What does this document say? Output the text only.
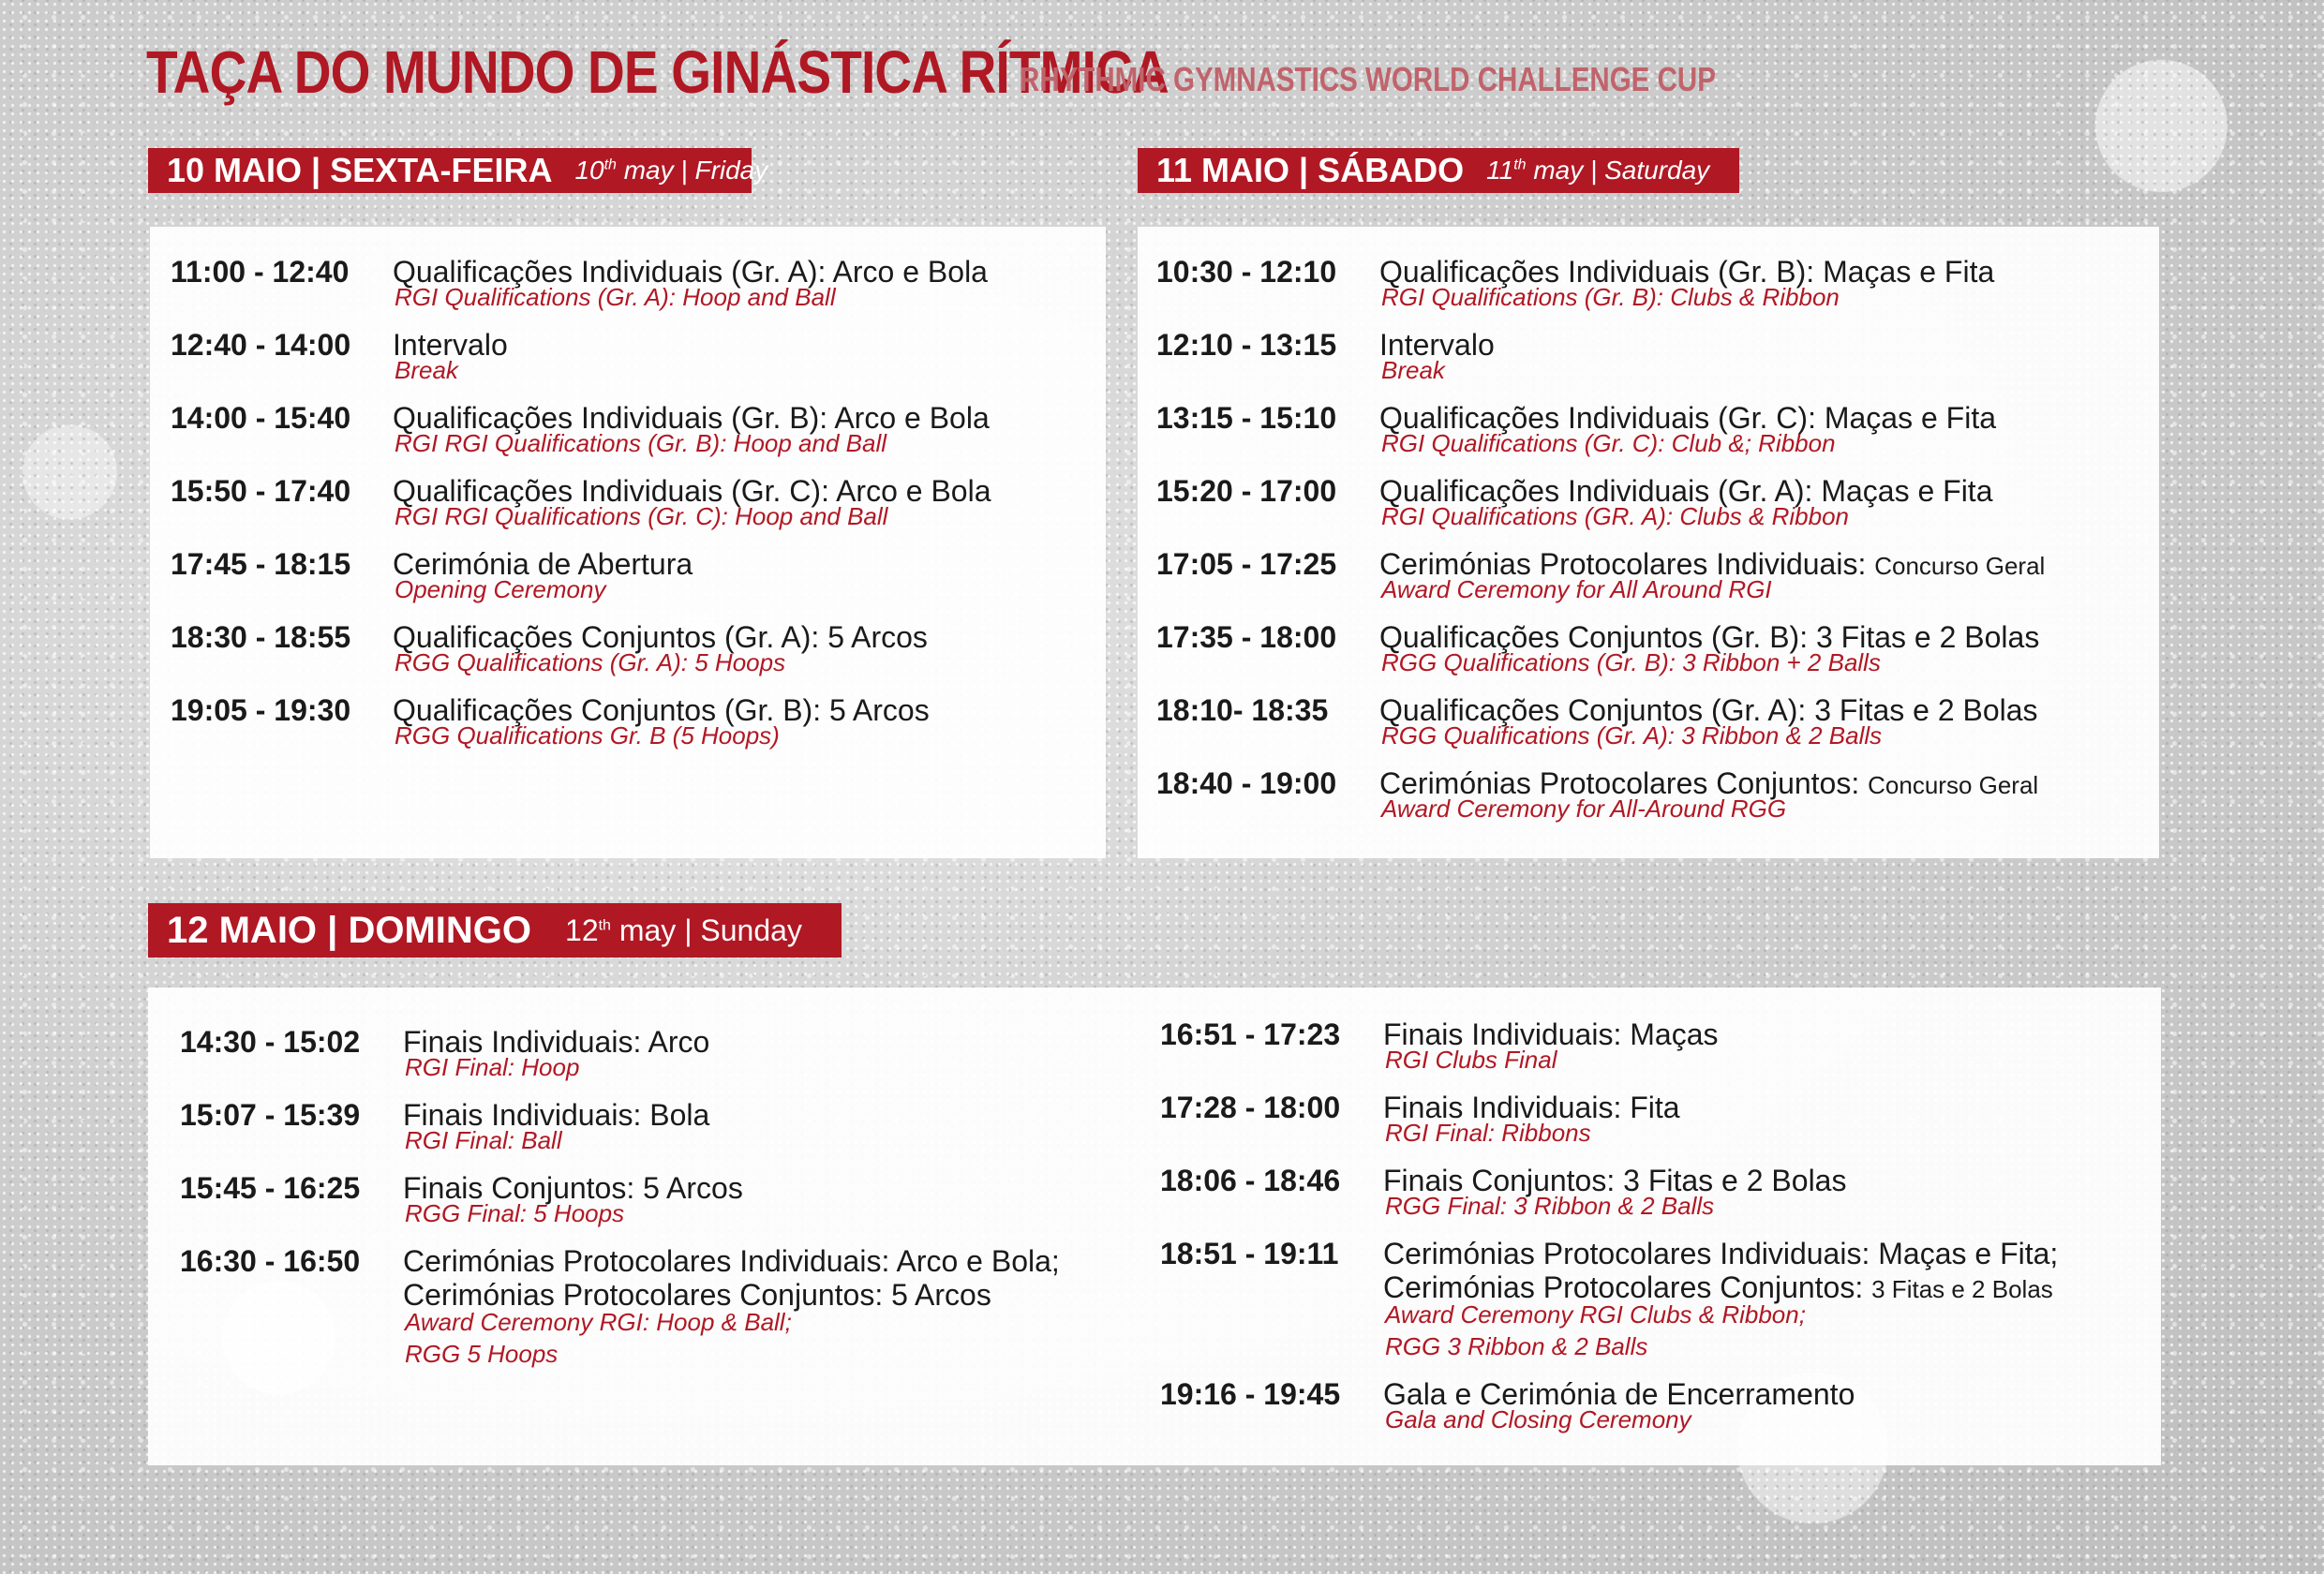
TAÇA DO MUNDO DE GINÁSTICA RÍTMICA
RHYTHMIC GYMNASTICS WORLD CHALLENGE CUP
10 MAIO | SEXTA-FEIRA 10th may | Friday
11:00 - 12:40 Qualificações Individuais (Gr. A): Arco e Bola
RGI Qualifications (Gr. A): Hoop and Ball
12:40 - 14:00 Intervalo
Break
14:00 - 15:40 Qualificações Individuais (Gr. B): Arco e Bola
RGI RGI Qualifications (Gr. B): Hoop and Ball
15:50 - 17:40 Qualificações Individuais (Gr. C): Arco e Bola
RGI RGI Qualifications (Gr. C): Hoop and Ball
17:45 - 18:15 Cerimónia de Abertura
Opening Ceremony
18:30 - 18:55 Qualificações Conjuntos (Gr. A): 5 Arcos
RGG Qualifications (Gr. A): 5 Hoops
19:05 - 19:30 Qualificações Conjuntos (Gr. B): 5 Arcos
RGG Qualifications Gr. B (5 Hoops)
11 MAIO | SÁBADO 11th may | Saturday
10:30 - 12:10 Qualificações Individuais (Gr. B): Maças e Fita
RGI Qualifications (Gr. B): Clubs & Ribbon
12:10 - 13:15 Intervalo
Break
13:15 - 15:10 Qualificações Individuais (Gr. C): Maças e Fita
RGI Qualifications (Gr. C): Club &; Ribbon
15:20 - 17:00 Qualificações Individuais (Gr. A): Maças e Fita
RGI Qualifications (GR. A): Clubs & Ribbon
17:05 - 17:25 Cerimónias Protocolares Individuais: Concurso Geral
Award Ceremony for All Around RGI
17:35 - 18:00 Qualificações Conjuntos (Gr. B): 3 Fitas e 2 Bolas
RGG Qualifications (Gr. B): 3 Ribbon + 2 Balls
18:10- 18:35 Qualificações Conjuntos (Gr. A): 3 Fitas e 2 Bolas
RGG Qualifications (Gr. A): 3 Ribbon & 2 Balls
18:40 - 19:00 Cerimónias Protocolares Conjuntos: Concurso Geral
Award Ceremony for All-Around RGG
12 MAIO | DOMINGO 12th may | Sunday
14:30 - 15:02 Finais Individuais: Arco
RGI Final: Hoop
15:07 - 15:39 Finais Individuais: Bola
RGI Final: Ball
15:45 - 16:25 Finais Conjuntos: 5 Arcos
RGG Final: 5 Hoops
16:30 - 16:50 Cerimónias Protocolares Individuais: Arco e Bola;
Cerimónias Protocolares Conjuntos: 5 Arcos
Award Ceremony RGI: Hoop & Ball;
RGG 5 Hoops
16:51 - 17:23 Finais Individuais: Maças
RGI Clubs Final
17:28 - 18:00 Finais Individuais: Fita
RGI Final: Ribbons
18:06 - 18:46 Finais Conjuntos: 3 Fitas e 2 Bolas
RGG Final: 3 Ribbon & 2 Balls
18:51 - 19:11 Cerimónias Protocolares Individuais: Maças e Fita;
Cerimónias Protocolares Conjuntos: 3 Fitas e 2 Bolas
Award Ceremony RGI Clubs & Ribbon;
RGG 3 Ribbon & 2 Balls
19:16 - 19:45 Gala e Cerimónia de Encerramento
Gala and Closing Ceremony
